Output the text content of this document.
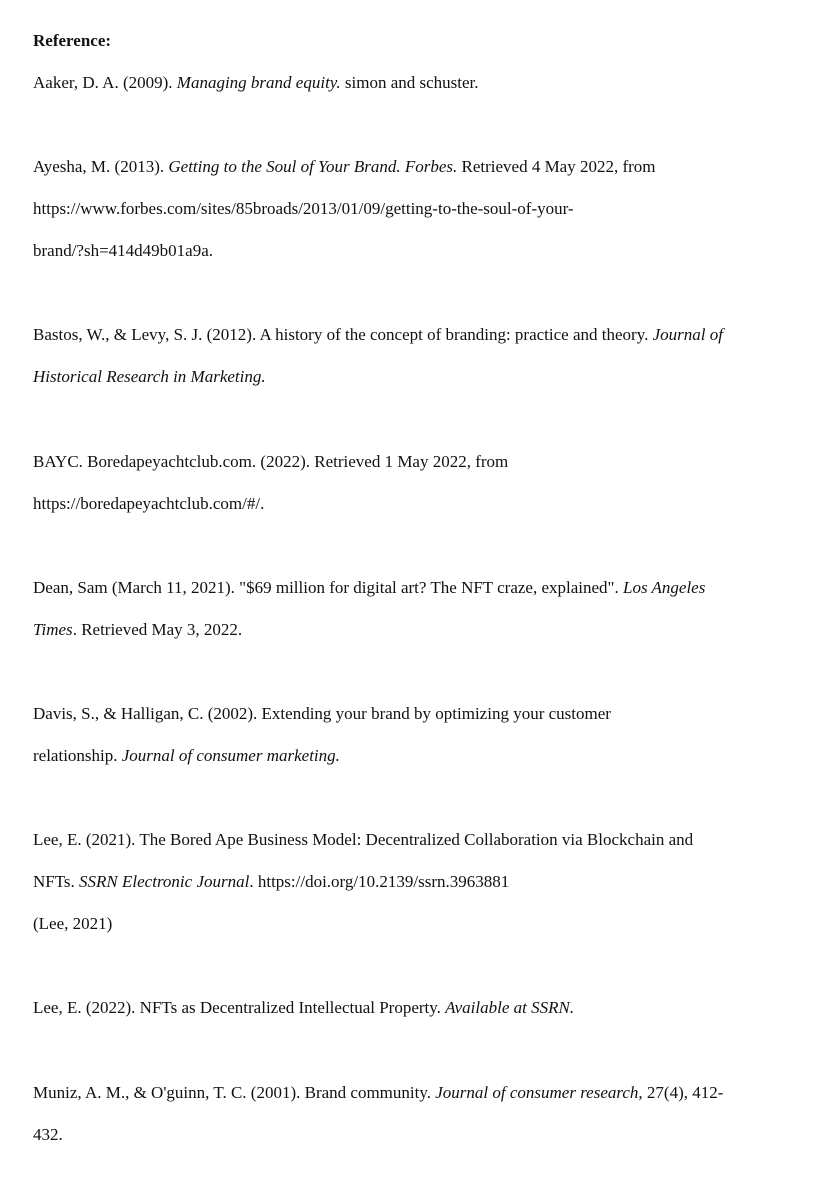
Reference:

Aaker, D. A. (2009). Managing brand equity. simon and schuster.

Ayesha, M. (2013). Getting to the Soul of Your Brand. Forbes. Retrieved 4 May 2022, from

https://www.forbes.com/sites/85broads/2013/01/09/getting-to-the-soul-of-your-

brand/?sh=414d49b01a9a.

Bastos, W., & Levy, S. J. (2012). A history of the concept of branding: practice and theory. Journal of

Historical Research in Marketing.

BAYC. Boredapeyachtclub.com. (2022). Retrieved 1 May 2022, from

https://boredapeyachtclub.com/#/.

Dean, Sam (March 11, 2021). "$69 million for digital art? The NFT craze, explained". Los Angeles

Times. Retrieved May 3, 2022.

Davis, S., & Halligan, C. (2002). Extending your brand by optimizing your customer

relationship. Journal of consumer marketing.

Lee, E. (2021). The Bored Ape Business Model: Decentralized Collaboration via Blockchain and

NFTs. SSRN Electronic Journal. https://doi.org/10.2139/ssrn.3963881

(Lee, 2021)

Lee, E. (2022). NFTs as Decentralized Intellectual Property. Available at SSRN.

Muniz, A. M., & O'guinn, T. C. (2001). Brand community. Journal of consumer research, 27(4), 412-

432.
